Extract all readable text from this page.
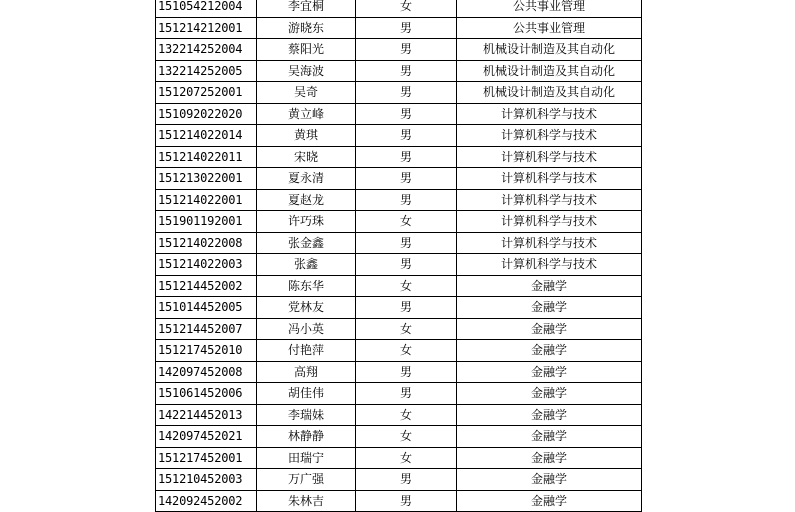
151054212004	李宜桐	女	公共事业管理
151214212001	游晓东	男	公共事业管理
132214252004	蔡阳光	男	机械设计制造及其自动化
132214252005	吴海波	男	机械设计制造及其自动化
151207252001	吴奇	男	机械设计制造及其自动化
151092022020	黄立峰	男	计算机科学与技术
151214022014	黄琪	男	计算机科学与技术
151214022011	宋晓	男	计算机科学与技术
151213022001	夏永清	男	计算机科学与技术
151214022001	夏赵龙	男	计算机科学与技术
151901192001	许巧珠	女	计算机科学与技术
151214022008	张金鑫	男	计算机科学与技术
151214022003	张鑫	男	计算机科学与技术
151214452002	陈东华	女	金融学
151014452005	党林友	男	金融学
151214452007	冯小英	女	金融学
151217452010	付艳萍	女	金融学
142097452008	高翔	男	金融学
151061452006	胡佳伟	男	金融学
142214452013	李瑞妹	女	金融学
142097452021	林静静	女	金融学
151217452001	田瑞宁	女	金融学
151210452003	万广强	男	金融学
142092452002	朱林吉	男	金融学
